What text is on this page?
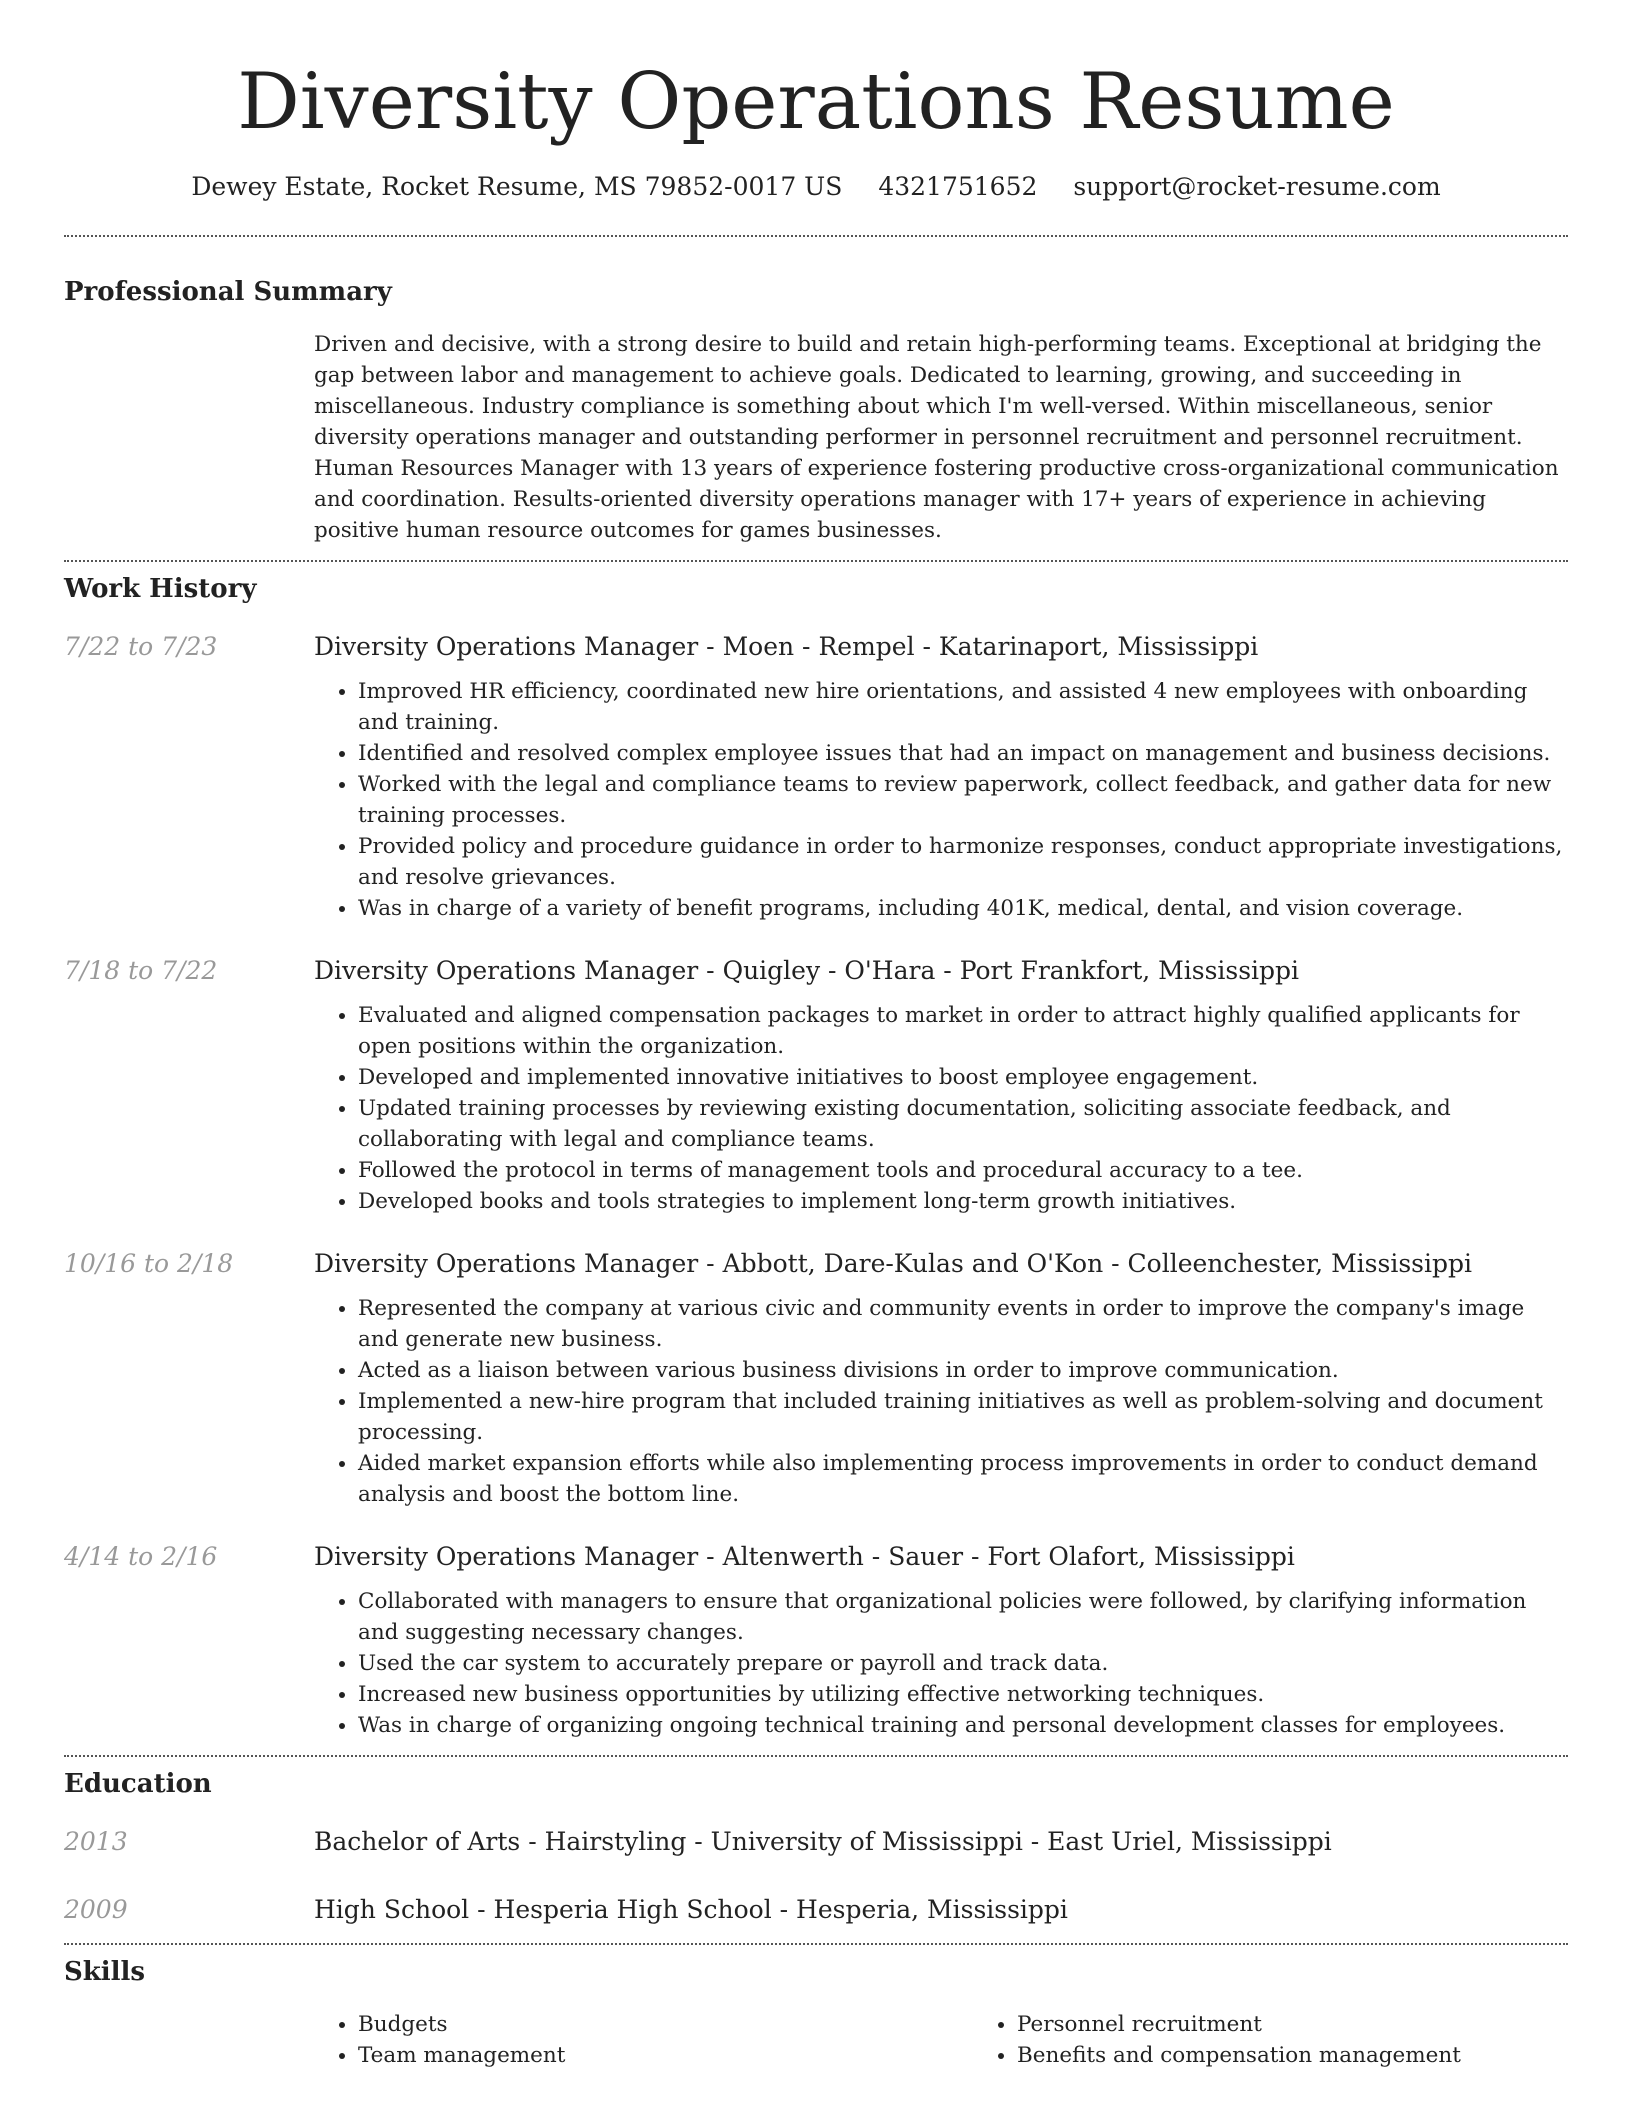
Diversity Operations Resume
Dewey Estate, Rocket Resume, MS 79852-0017 US 4321751652 support@rocket-resume.com
Professional Summary

Driven and decisive, with a strong desire to build and retain high-performing teams. Exceptional at bridging the gap between labor and management to achieve goals. Dedicated to learning, growing, and succeeding in miscellaneous. Industry compliance is something about which I'm well-versed. Within miscellaneous, senior diversity operations manager and outstanding performer in personnel recruitment and personnel recruitment. Human Resources Manager with 13 years of experience fostering productive cross-organizational communication and coordination. Results-oriented diversity operations manager with 17+ years of experience in achieving positive human resource outcomes for games businesses.

Work History
7/22 to 7/23	Diversity Operations Manager - Moen - Rempel - Katarinaport, Mississippi
• Improved HR efficiency, coordinated new hire orientations, and assisted 4 new employees with onboarding and training.
• Identified and resolved complex employee issues that had an impact on management and business decisions.
• Worked with the legal and compliance teams to review paperwork, collect feedback, and gather data for new training processes.
• Provided policy and procedure guidance in order to harmonize responses, conduct appropriate investigations, and resolve grievances.
• Was in charge of a variety of benefit programs, including 401K, medical, dental, and vision coverage.
7/18 to 7/22	Diversity Operations Manager - Quigley - O'Hara - Port Frankfort, Mississippi
• Evaluated and aligned compensation packages to market in order to attract highly qualified applicants for open positions within the organization.
• Developed and implemented innovative initiatives to boost employee engagement.
• Updated training processes by reviewing existing documentation, soliciting associate feedback, and collaborating with legal and compliance teams.
• Followed the protocol in terms of management tools and procedural accuracy to a tee.
• Developed books and tools strategies to implement long-term growth initiatives.
10/16 to 2/18	Diversity Operations Manager - Abbott, Dare-Kulas and O'Kon - Colleenchester, Mississippi
• Represented the company at various civic and community events in order to improve the company's image and generate new business.
• Acted as a liaison between various business divisions in order to improve communication.
• Implemented a new-hire program that included training initiatives as well as problem-solving and document processing.
• Aided market expansion efforts while also implementing process improvements in order to conduct demand analysis and boost the bottom line.
4/14 to 2/16	Diversity Operations Manager - Altenwerth - Sauer - Fort Olafort, Mississippi
• Collaborated with managers to ensure that organizational policies were followed, by clarifying information and suggesting necessary changes.
• Used the car system to accurately prepare or payroll and track data.
• Increased new business opportunities by utilizing effective networking techniques.
• Was in charge of organizing ongoing technical training and personal development classes for employees.
Education
2013	Bachelor of Arts - Hairstyling - University of Mississippi - East Uriel, Mississippi
2009	High School - Hesperia High School - Hesperia, Mississippi
Skills
• Budgets
• Team management
• Personnel recruitment
• Benefits and compensation management
